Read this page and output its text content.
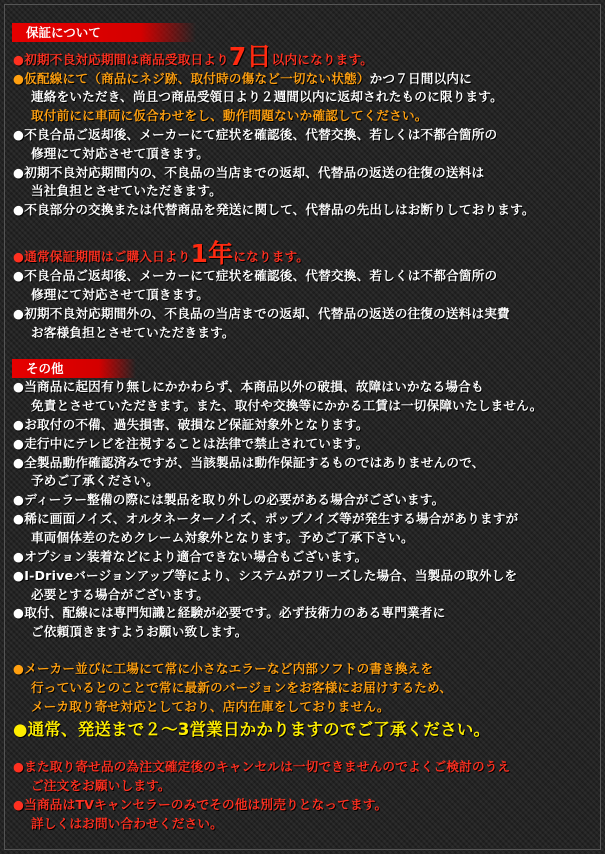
保証について
●初期不良対応期間は商品受取日より7日以内になります。
●仮配線にて（商品にネジ跡、取付時の傷など一切ない状態）かつ７日間以内に
連絡をいただき、尚且つ商品受領日より２週間以内に返却されたものに限ります。
取付前にに車両に仮合わせをし、動作問題ないか確認してください。
●不良合品ご返却後、メーカーにて症状を確認後、代替交換、若しくは不都合箇所の
修理にて対応させて頂きます。
●初期不良対応期間内の、不良品の当店までの返却、代替品の返送の往復の送料は
当社負担とさせていただきます。
●不良部分の交換または代替商品を発送に関して、代替品の先出しはお断りしております。
●通常保証期間はご購入日より1年になります。
●不良合品ご返却後、メーカーにて症状を確認後、代替交換、若しくは不都合箇所の
修理にて対応させて頂きます。
●初期不良対応期間外の、不良品の当店までの返却、代替品の返送の往復の送料は実費
お客様負担とさせていただきます。
その他
●当商品に起因有り無しにかかわらず、本商品以外の破損、故障はいかなる場合も
免責とさせていただきます。また、取付や交換等にかかる工賃は一切保障いたしません。
●お取付の不備、過失損害、破損など保証対象外となります。
●走行中にテレビを注視することは法律で禁止されています。
●全製品動作確認済みですが、当該製品は動作保証するものではありませんので、
予めご了承ください。
●ディーラー整備の際には製品を取り外しの必要がある場合がございます。
●稀に画面ノイズ、オルタネーターノイズ、ポップノイズ等が発生する場合がありますが
車両個体差のためクレーム対象外となります。予めご了承下さい。
●オプション装着などにより適合できない場合もございます。
●I-Driveバージョンアップ等により、システムがフリーズした場合、当製品の取外しを
必要とする場合がございます。
●取付、配線には専門知識と経験が必要です。必ず技術力のある専門業者に
ご依頼頂きますようお願い致します。
●メーカー並びに工場にて常に小さなエラーなど内部ソフトの書き換えを
行っているとのことで常に最新のバージョンをお客様にお届けするため、
メーカ取り寄せ対応としており、店内在庫をしておりません。
●通常、発送まで２～3営業日かかりますのでご了承ください。
●また取り寄せ品の為注文確定後のキャンセルは一切できませんのでよくご検討のうえ
ご注文をお願いします。
●当商品はTVキャンセラーのみでその他は別売りとなってます。
詳しくはお問い合わせください。
